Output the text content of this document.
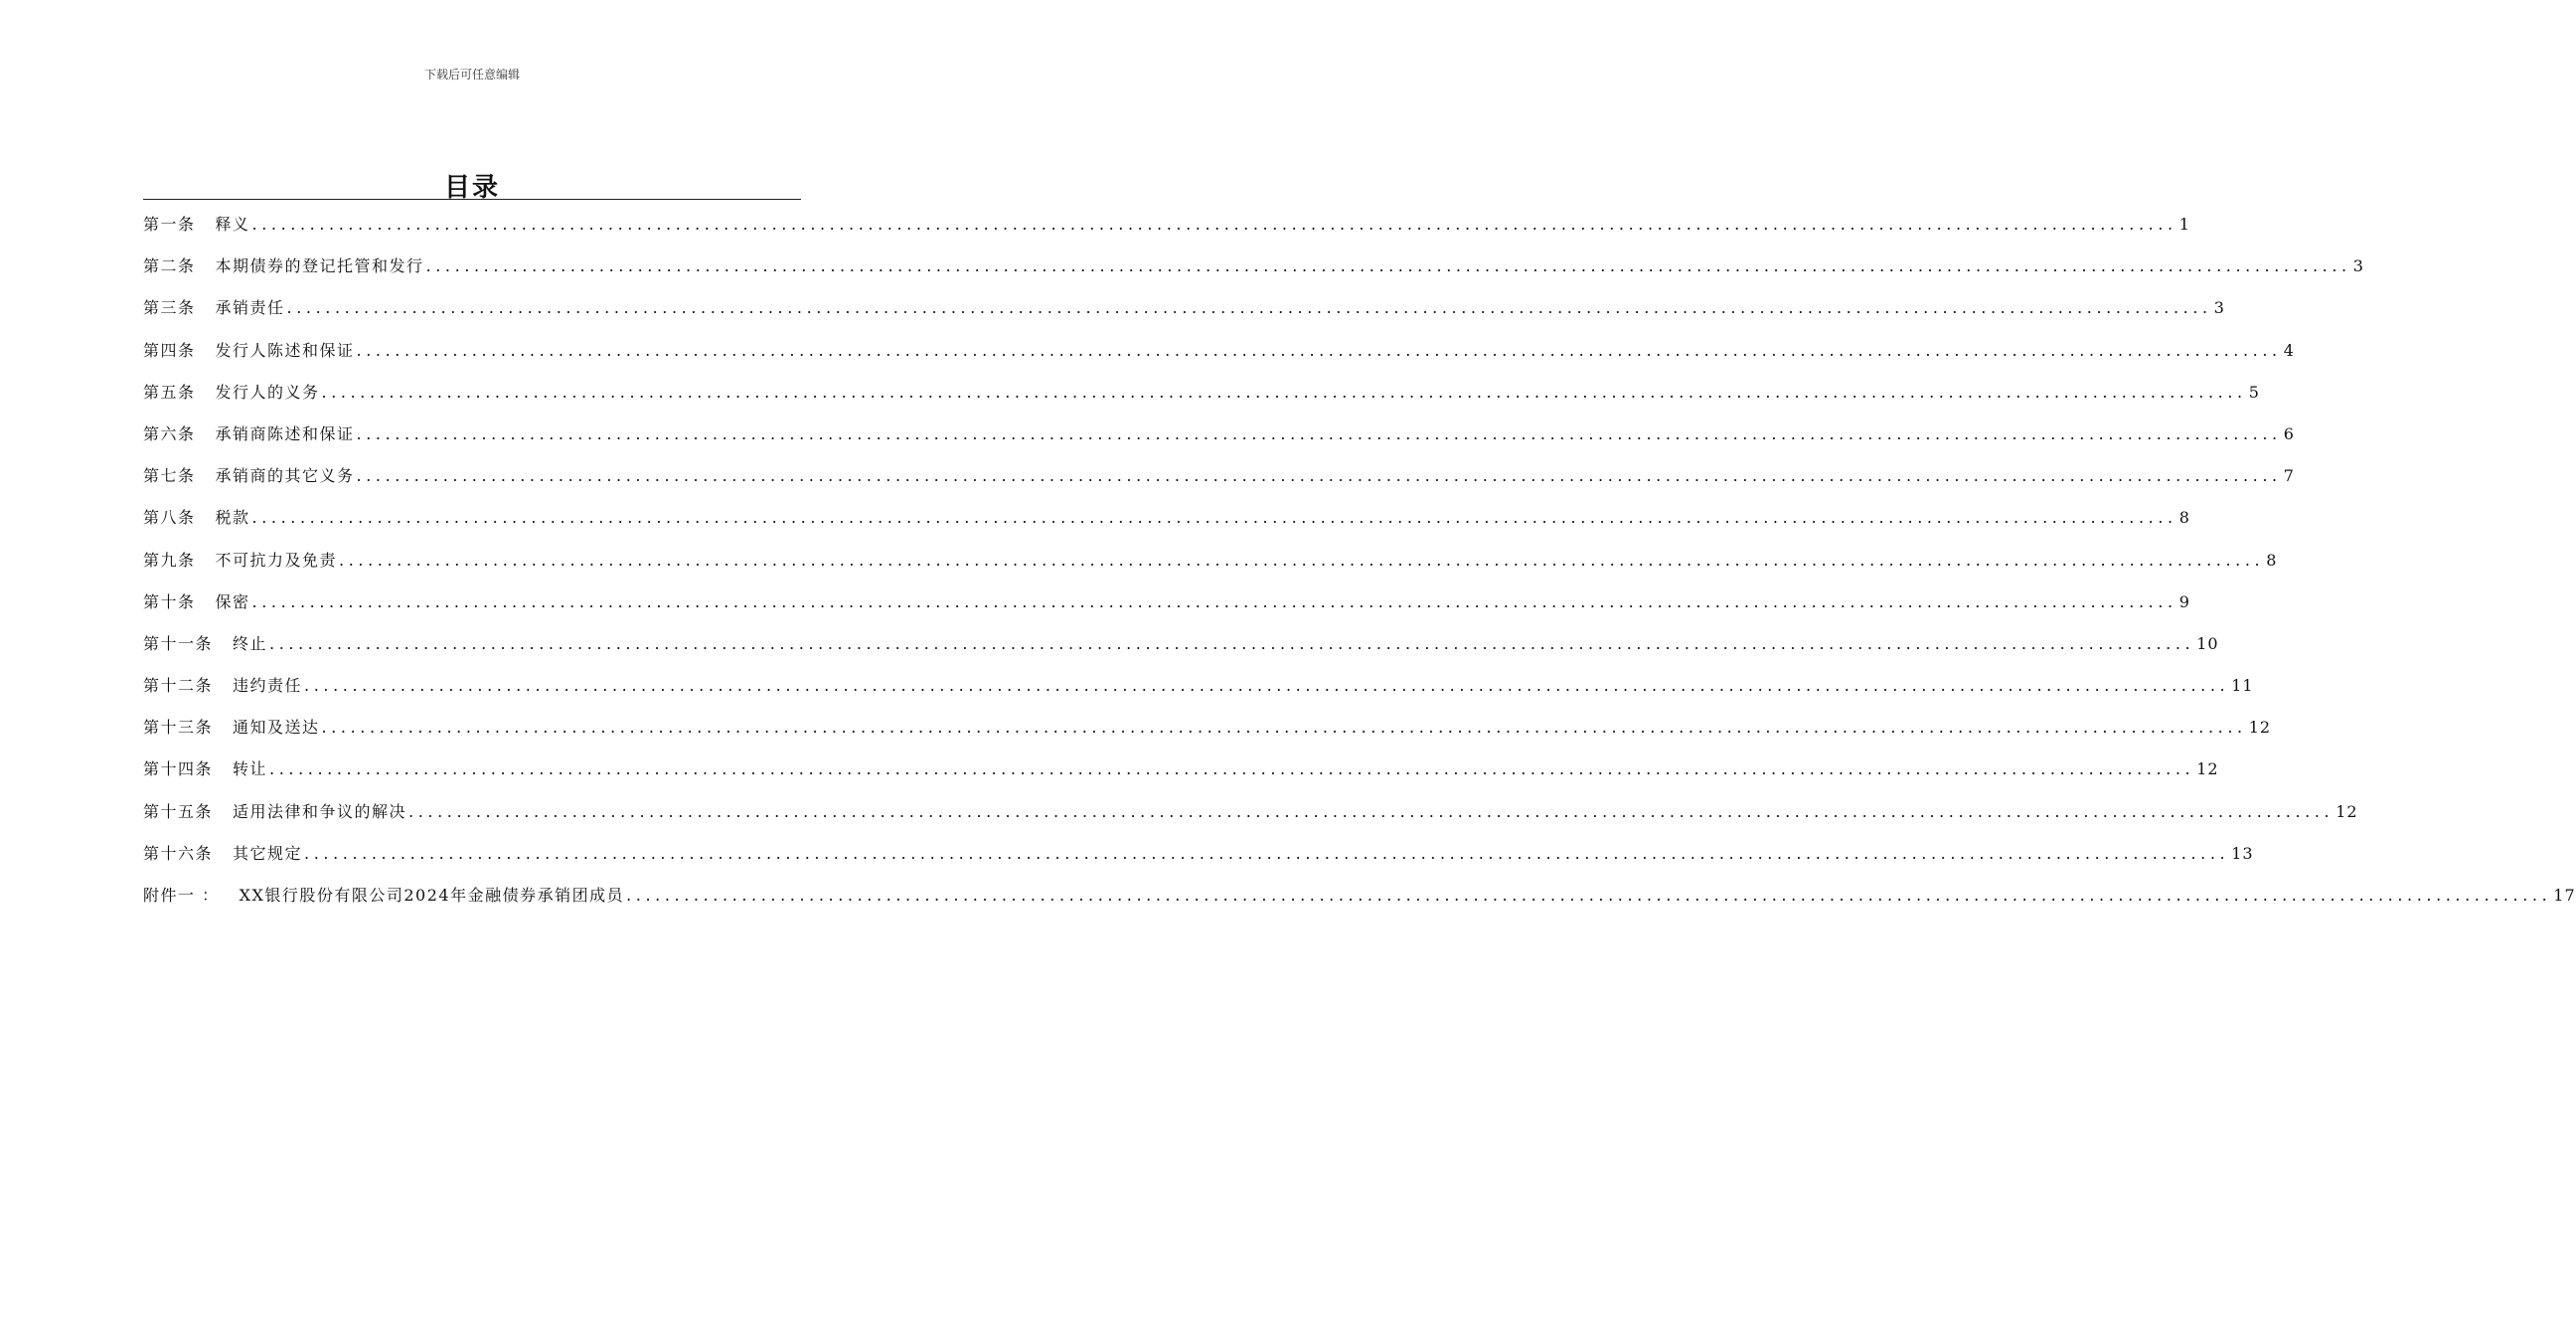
下载后可任意编辑
目录
第一条 释义 ........................................................................................................................................................................................................ 1
第二条 本期债券的登记托管和发行 ........................................................................................................................................................................................................ 3
第三条 承销责任 ........................................................................................................................................................................................................ 3
第四条 发行人陈述和保证 ........................................................................................................................................................................................................ 4
第五条 发行人的义务 ........................................................................................................................................................................................................ 5
第六条 承销商陈述和保证 ........................................................................................................................................................................................................ 6
第七条 承销商的其它义务 ........................................................................................................................................................................................................ 7
第八条 税款 ........................................................................................................................................................................................................ 8
第九条 不可抗力及免责 ........................................................................................................................................................................................................ 8
第十条 保密 ........................................................................................................................................................................................................ 9
第十一条 终止 ........................................................................................................................................................................................................ 10
第十二条 违约责任 ........................................................................................................................................................................................................ 11
第十三条 通知及送达 ........................................................................................................................................................................................................ 12
第十四条 转让 ........................................................................................................................................................................................................ 12
第十五条 适用法律和争议的解决 ........................................................................................................................................................................................................ 12
第十六条 其它规定 ........................................................................................................................................................................................................ 13
附件一 ： XX银行股份有限公司2024年金融债券承销团成员 ........................................................................................................................................................................................................ 17
